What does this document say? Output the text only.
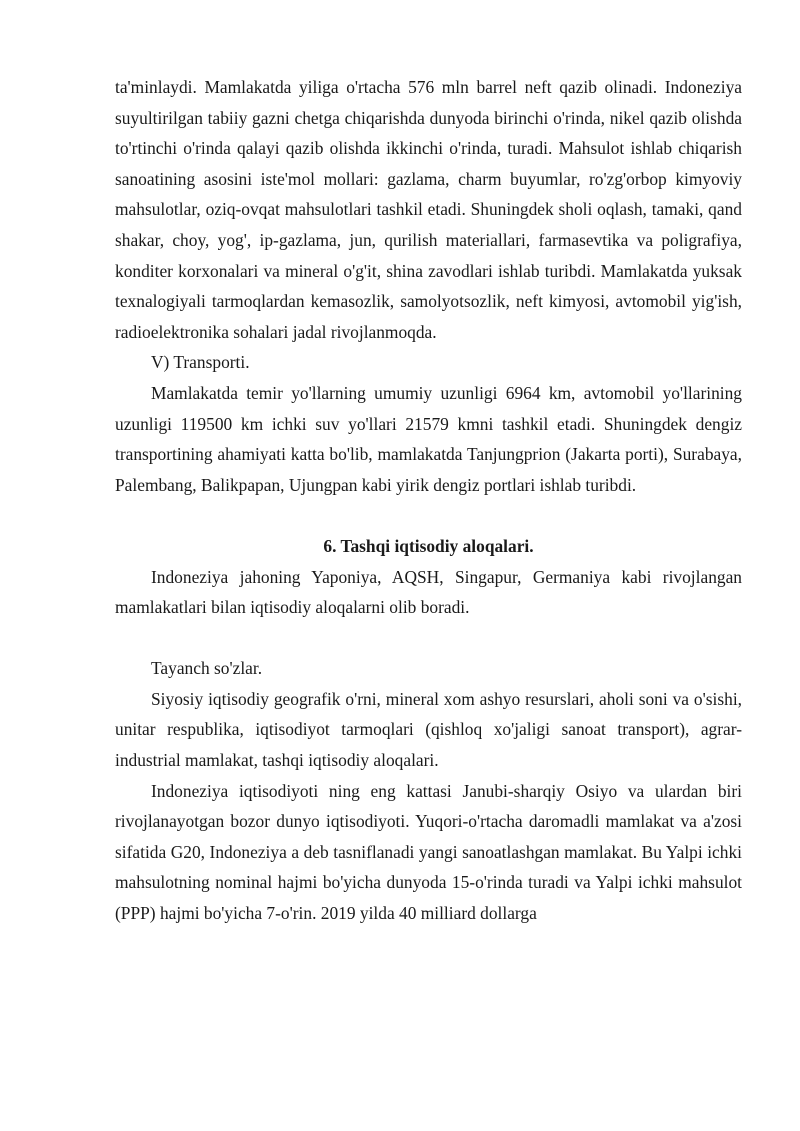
ta'minlaydi. Mamlakatda yiliga o'rtacha 576 mln barrel neft qazib olinadi. Indoneziya suyultirilgan tabiiy gazni chetga chiqarishda dunyoda birinchi o'rinda, nikel qazib olishda to'rtinchi o'rinda qalayi qazib olishda ikkinchi o'rinda, turadi. Mahsulot ishlab chiqarish sanoatining asosini iste'mol mollari: gazlama, charm buyumlar, ro'zg'orbop kimyoviy mahsulotlar, oziq-ovqat mahsulotlari tashkil etadi. Shuningdek sholi oqlash, tamaki, qand shakar, choy, yog', ip-gazlama, jun, qurilish materiallari, farmasevtika va poligrafiya, konditer korxonalari va mineral o'g'it, shina zavodlari ishlab turibdi. Mamlakatda yuksak texnalogiyali tarmoqlardan kemasozlik, samolyotsozlik, neft kimyosi, avtomobil yig'ish, radioelektronika sohalari jadal rivojlanmoqda.

V) Transporti.

Mamlakatda temir yo'llarning umumiy uzunligi 6964 km, avtomobil yo'llarining uzunligi 119500 km ichki suv yo'llari 21579 kmni tashkil etadi. Shuningdek dengiz transportining ahamiyati katta bo'lib, mamlakatda Tanjungprion (Jakarta porti), Surabaya, Palembang, Balikpapan, Ujungpan kabi yirik dengiz portlari ishlab turibdi.

6. Tashqi iqtisodiy aloqalari.

Indoneziya jahoning Yaponiya, AQSH, Singapur, Germaniya kabi rivojlangan mamlakatlari bilan iqtisodiy aloqalarni olib boradi.

Tayanch so'zlar.

Siyosiy iqtisodiy geografik o'rni, mineral xom ashyo resurslari, aholi soni va o'sishi, unitar respublika, iqtisodiyot tarmoqlari (qishloq xo'jaligi sanoat transport), agrar-industrial mamlakat, tashqi iqtisodiy aloqalari.

Indoneziya iqtisodiyoti ning eng kattasi Janubi-sharqiy Osiyo va ulardan biri rivojlanayotgan bozor dunyo iqtisodiyoti. Yuqori-o'rtacha daromadli mamlakat va a'zosi sifatida G20, Indoneziya a deb tasniflanadi yangi sanoatlashgan mamlakat. Bu Yalpi ichki mahsulotning nominal hajmi bo'yicha dunyoda 15-o'rinda turadi va Yalpi ichki mahsulot (PPP) hajmi bo'yicha 7-o'rin. 2019 yilda 40 milliard dollarga
